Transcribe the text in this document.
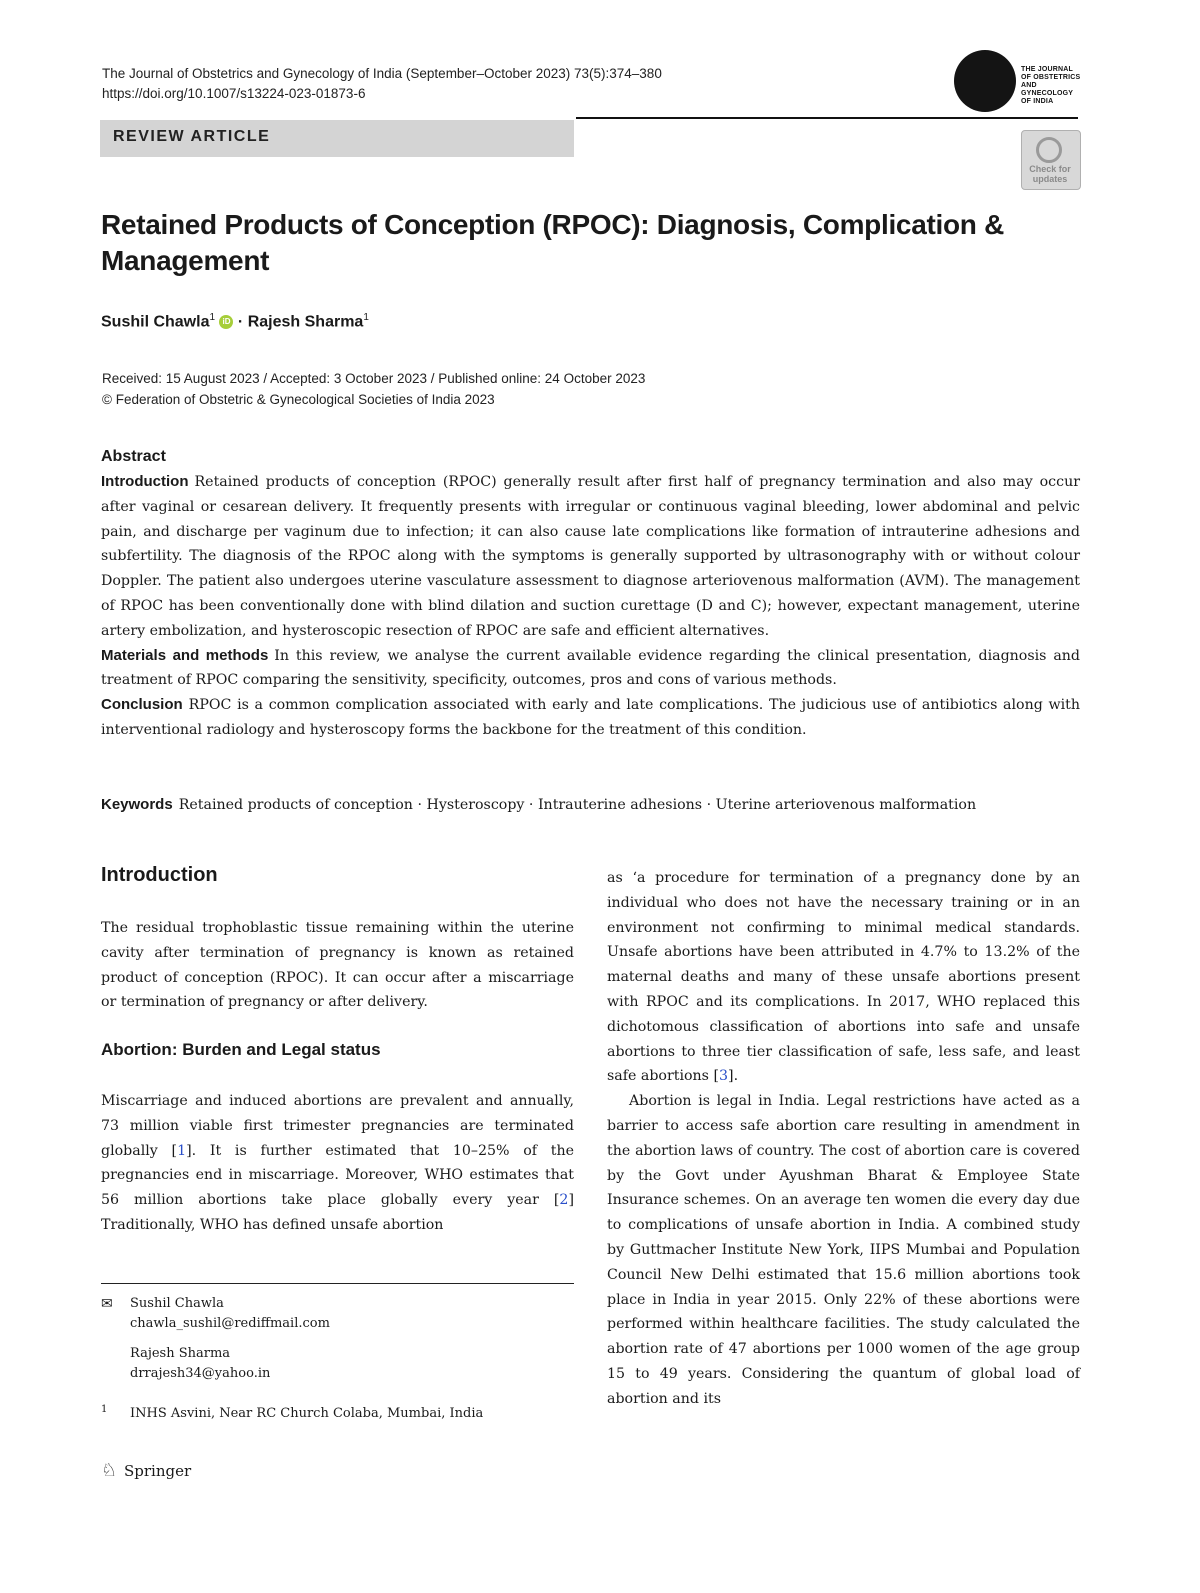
The Journal of Obstetrics and Gynecology of India (September–October 2023) 73(5):374–380
https://doi.org/10.1007/s13224-023-01873-6
THE JOURNAL OF OBSTETRICS AND GYNECOLOGY OF INDIA
REVIEW ARTICLE
Check for updates
Retained Products of Conception (RPOC): Diagnosis, Complication & Management
Sushil Chawla$^1$ iD · Rajesh Sharma$^1$
Received: 15 August 2023 / Accepted: 3 October 2023 / Published online: 24 October 2023
© Federation of Obstetric & Gynecological Societies of India 2023
Abstract

Introduction Retained products of conception (RPOC) generally result after first half of pregnancy termination and also may occur after vaginal or cesarean delivery. It frequently presents with irregular or continuous vaginal bleeding, lower abdominal and pelvic pain, and discharge per vaginum due to infection; it can also cause late complications like formation of intrauterine adhesions and subfertility. The diagnosis of the RPOC along with the symptoms is generally supported by ultrasonography with or without colour Doppler. The patient also undergoes uterine vasculature assessment to diagnose arteriovenous malformation (AVM). The management of RPOC has been conventionally done with blind dilation and suction curettage (D and C); however, expectant management, uterine artery embolization, and hysteroscopic resection of RPOC are safe and efficient alternatives.

Materials and methods In this review, we analyse the current available evidence regarding the clinical presentation, diagnosis and treatment of RPOC comparing the sensitivity, specificity, outcomes, pros and cons of various methods.

Conclusion RPOC is a common complication associated with early and late complications. The judicious use of antibiotics along with interventional radiology and hysteroscopy forms the backbone for the treatment of this condition.

Keywords Retained products of conception · Hysteroscopy · Intrauterine adhesions · Uterine arteriovenous malformation
Introduction

The residual trophoblastic tissue remaining within the uterine cavity after termination of pregnancy is known as retained product of conception (RPOC). It can occur after a miscarriage or termination of pregnancy or after delivery.

Abortion: Burden and Legal status

Miscarriage and induced abortions are prevalent and annually, 73 million viable first trimester pregnancies are terminated globally [1]. It is further estimated that 10–25% of the pregnancies end in miscarriage. Moreover, WHO estimates that 56 million abortions take place globally every year [2] Traditionally, WHO has defined unsafe abortion

as ‘a procedure for termination of a pregnancy done by an individual who does not have the necessary training or in an environment not confirming to minimal medical standards. Unsafe abortions have been attributed in 4.7% to 13.2% of the maternal deaths and many of these unsafe abortions present with RPOC and its complications. In 2017, WHO replaced this dichotomous classification of abortions into safe and unsafe abortions to three tier classification of safe, less safe, and least safe abortions [3].

Abortion is legal in India. Legal restrictions have acted as a barrier to access safe abortion care resulting in amendment in the abortion laws of country. The cost of abortion care is covered by the Govt under Ayushman Bharat & Employee State Insurance schemes. On an average ten women die every day due to complications of unsafe abortion in India. A combined study by Guttmacher Institute New York, IIPS Mumbai and Population Council New Delhi estimated that 15.6 million abortions took place in India in year 2015. Only 22% of these abortions were performed within healthcare facilities. The study calculated the abortion rate of 47 abortions per 1000 women of the age group 15 to 49 years. Considering the quantum of global load of abortion and its

✉ Sushil Chawla
chawla_sushil@rediffmail.com
Rajesh Sharma
drrajesh34@yahoo.in
1 INHS Asvini, Near RC Church Colaba, Mumbai, India
♘ Springer
